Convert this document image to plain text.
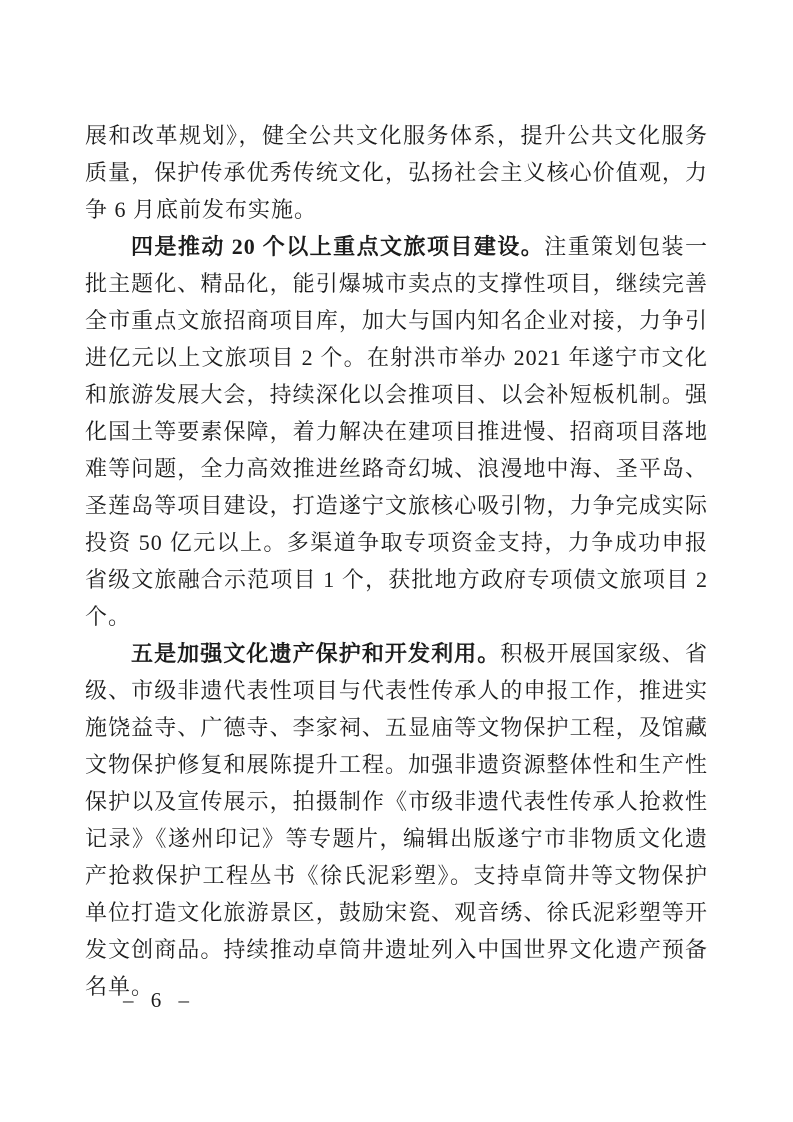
展和改革规划》，健全公共文化服务体系，提升公共文化服务质量，保护传承优秀传统文化，弘扬社会主义核心价值观，力争 6 月底前发布实施。

四是推动 20 个以上重点文旅项目建设。注重策划包装一批主题化、精品化，能引爆城市卖点的支撑性项目，继续完善全市重点文旅招商项目库，加大与国内知名企业对接，力争引进亿元以上文旅项目 2 个。在射洪市举办 2021 年遂宁市文化和旅游发展大会，持续深化以会推项目、以会补短板机制。强化国土等要素保障，着力解决在建项目推进慢、招商项目落地难等问题，全力高效推进丝路奇幻城、浪漫地中海、圣平岛、圣莲岛等项目建设，打造遂宁文旅核心吸引物，力争完成实际投资 50 亿元以上。多渠道争取专项资金支持，力争成功申报省级文旅融合示范项目 1 个，获批地方政府专项债文旅项目 2 个。

五是加强文化遗产保护和开发利用。积极开展国家级、省级、市级非遗代表性项目与代表性传承人的申报工作，推进实施饶益寺、广德寺、李家祠、五显庙等文物保护工程，及馆藏文物保护修复和展陈提升工程。加强非遗资源整体性和生产性保护以及宣传展示，拍摄制作《市级非遗代表性传承人抢救性记录》《遂州印记》等专题片，编辑出版遂宁市非物质文化遗产抢救保护工程丛书《徐氏泥彩塑》。支持卓筒井等文物保护单位打造文化旅游景区，鼓励宋瓷、观音绣、徐氏泥彩塑等开发文创商品。持续推动卓筒井遗址列入中国世界文化遗产预备名单。

– 6 –
